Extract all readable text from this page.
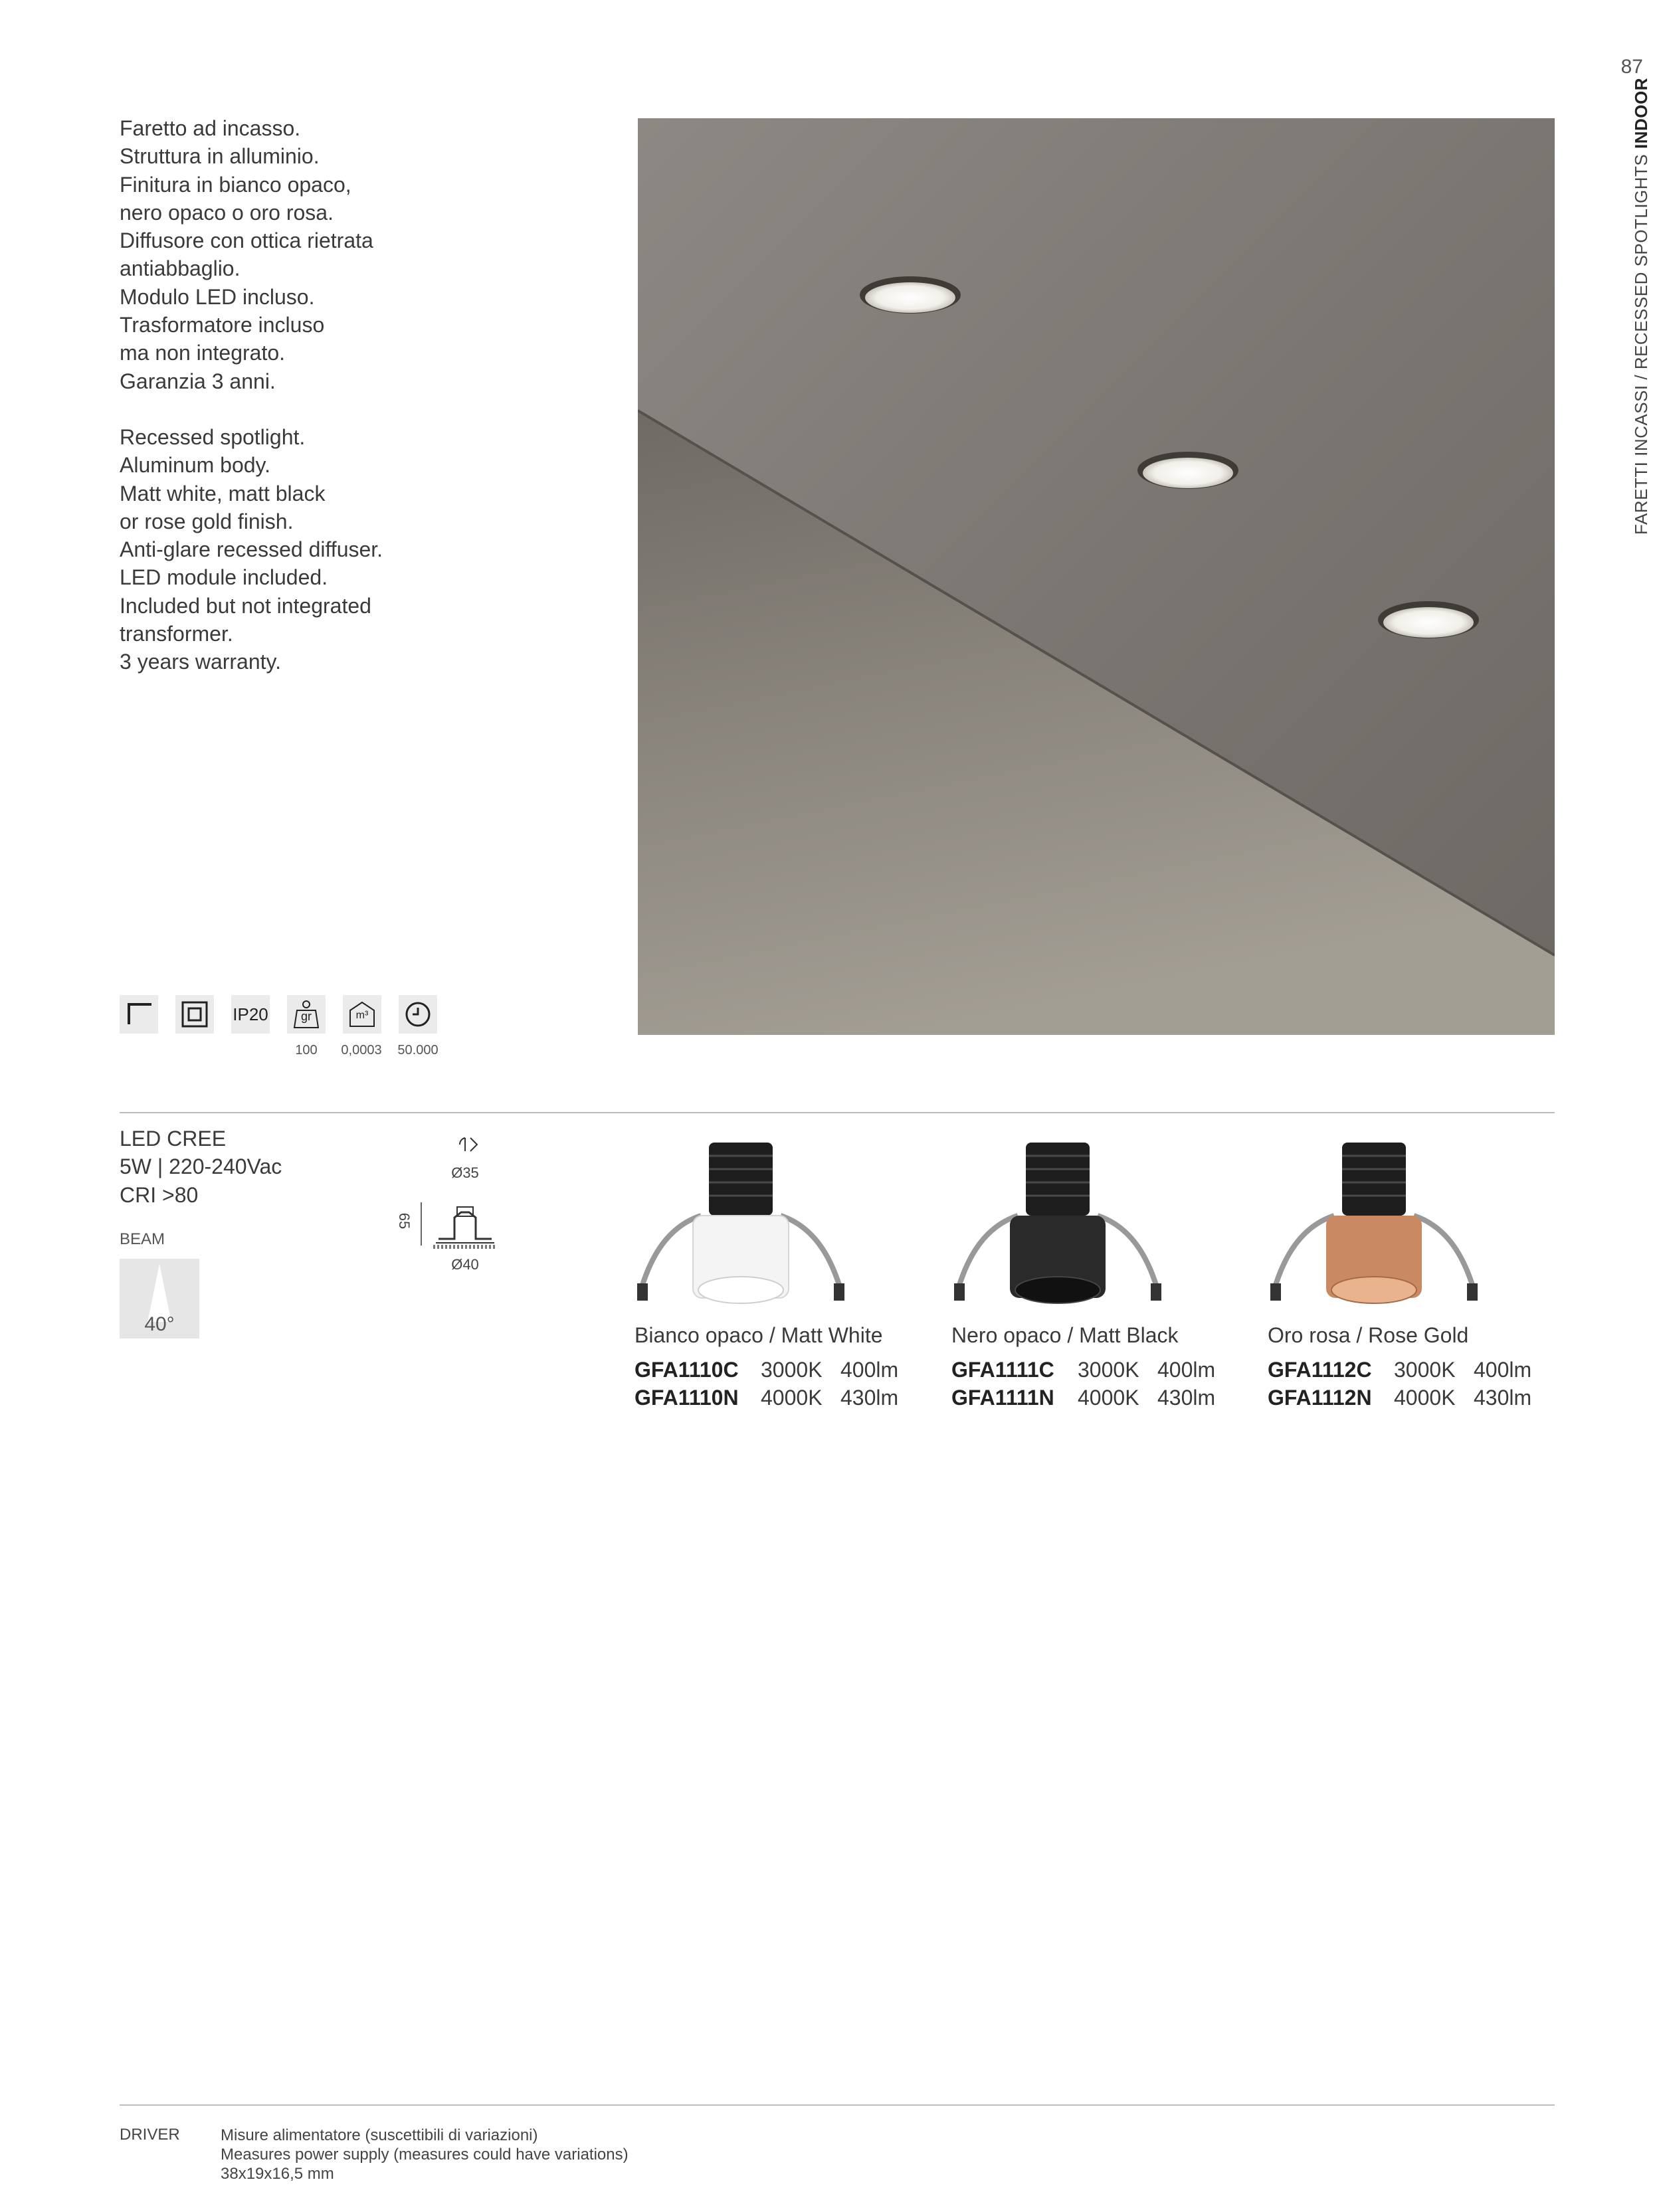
87
FARETTI INCASSI / RECESSED SPOTLIGHTS INDOOR
Faretto ad incasso.
Struttura in alluminio.
Finitura in bianco opaco,
nero opaco o oro rosa.
Diffusore con ottica rietrata
antiabbaglio.
Modulo LED incluso.
Trasformatore incluso
ma non integrato.
Garanzia 3 anni.
Recessed spotlight.
Aluminum body.
Matt white, matt black
or rose gold finish.
Anti-glare recessed diffuser.
LED module included.
Included but not integrated
transformer.
3 years warranty.
IP20	gr	m³
100	0,0003	50.000
LED CREE
5W | 220-240Vac
CRI >80
BEAM
40°
Ø35
65
Ø40
Bianco opaco / Matt White	Nero opaco / Matt Black	Oro rosa / Rose Gold
GFA1110C 3000K 400lm
GFA1110N 4000K 430lm
GFA1111C 3000K 400lm
GFA1111N 4000K 430lm
GFA1112C 3000K 400lm
GFA1112N 4000K 430lm
DRIVER	Misure alimentatore (suscettibili di variazioni)
Measures power supply (measures could have variations)
38x19x16,5 mm
